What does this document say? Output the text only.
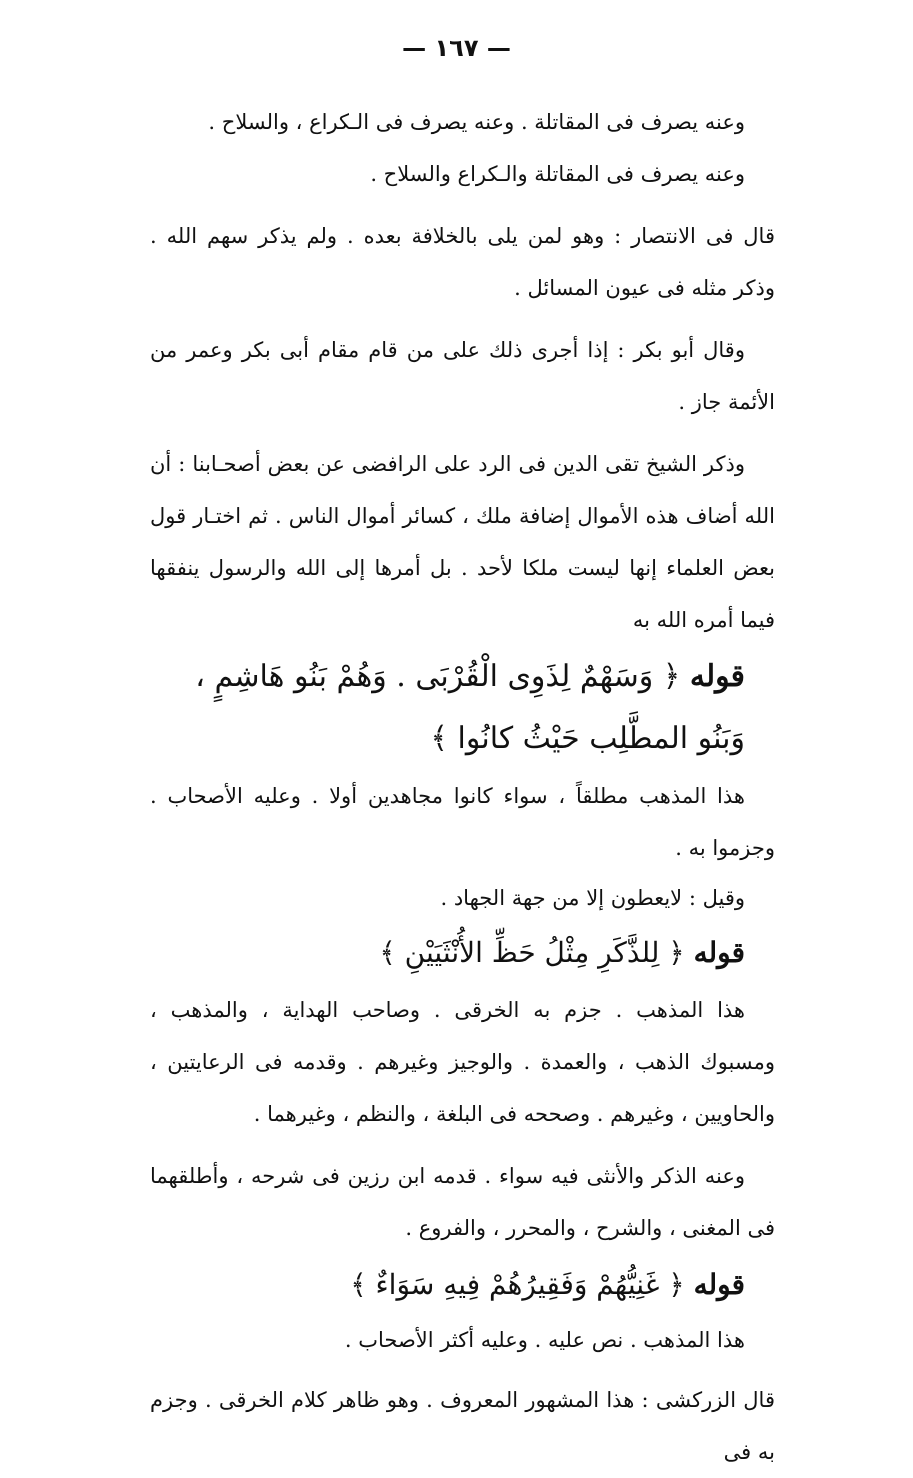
— ١٦٧ —

وعنه يصرف فى المقاتلة . وعنه يصرف فى الـكراع ، والسلاح .

وعنه يصرف فى المقاتلة والـكراع والسلاح .

قال فى الانتصار : وهو لمن يلى بالخلافة بعده . ولم يذكر سهم الله . وذكر مثله فى عيون المسائل .

وقال أبو بكر : إذا أجرى ذلك على من قام مقام أبى بكر وعمر من الأئمة جاز .

وذكر الشيخ تقى الدين فى الرد على الرافضى عن بعض أصحـابنا : أن الله أضاف هذه الأموال إضافة ملك ، كسائر أموال الناس . ثم اختـار قول بعض العلماء إنها ليست ملكا لأحد . بل أمرها إلى الله والرسول ينفقها فيما أمره الله به

قوله ﴿ وَسَهْمٌ لِذَوِى الْقُرْبَى . وَهُمْ بَنُو هَاشِمٍ ، وَبَنُو المطَّلِب حَيْثُ كانُوا ﴾

هذا المذهب مطلقاً ، سواء كانوا مجاهدين أولا . وعليه الأصحاب . وجزموا به .

وقيل : لايعطون إلا من جهة الجهاد .

قوله ﴿ لِلذَّكَرِ مِثْلُ حَظِّ الأُنْثَيَيْنِ ﴾

هذا المذهب . جزم به الخرقى . وصاحب الهداية ، والمذهب ، ومسبوك الذهب ، والعمدة . والوجيز وغيرهم . وقدمه فى الرعايتين ، والحاويين ، وغيرهم . وصححه فى البلغة ، والنظم ، وغيرهما .

وعنه الذكر والأنثى فيه سواء . قدمه ابن رزين فى شرحه ، وأطلقهما فى المغنى ، والشرح ، والمحرر ، والفروع .

قوله ﴿ غَنِيُّهُمْ وَفَقِيرُهُمْ فِيهِ سَوَاءٌ ﴾

هذا المذهب . نص عليه . وعليه أكثر الأصحاب .

قال الزركشى : هذا المشهور المعروف . وهو ظاهر كلام الخرقى . وجزم به فى
